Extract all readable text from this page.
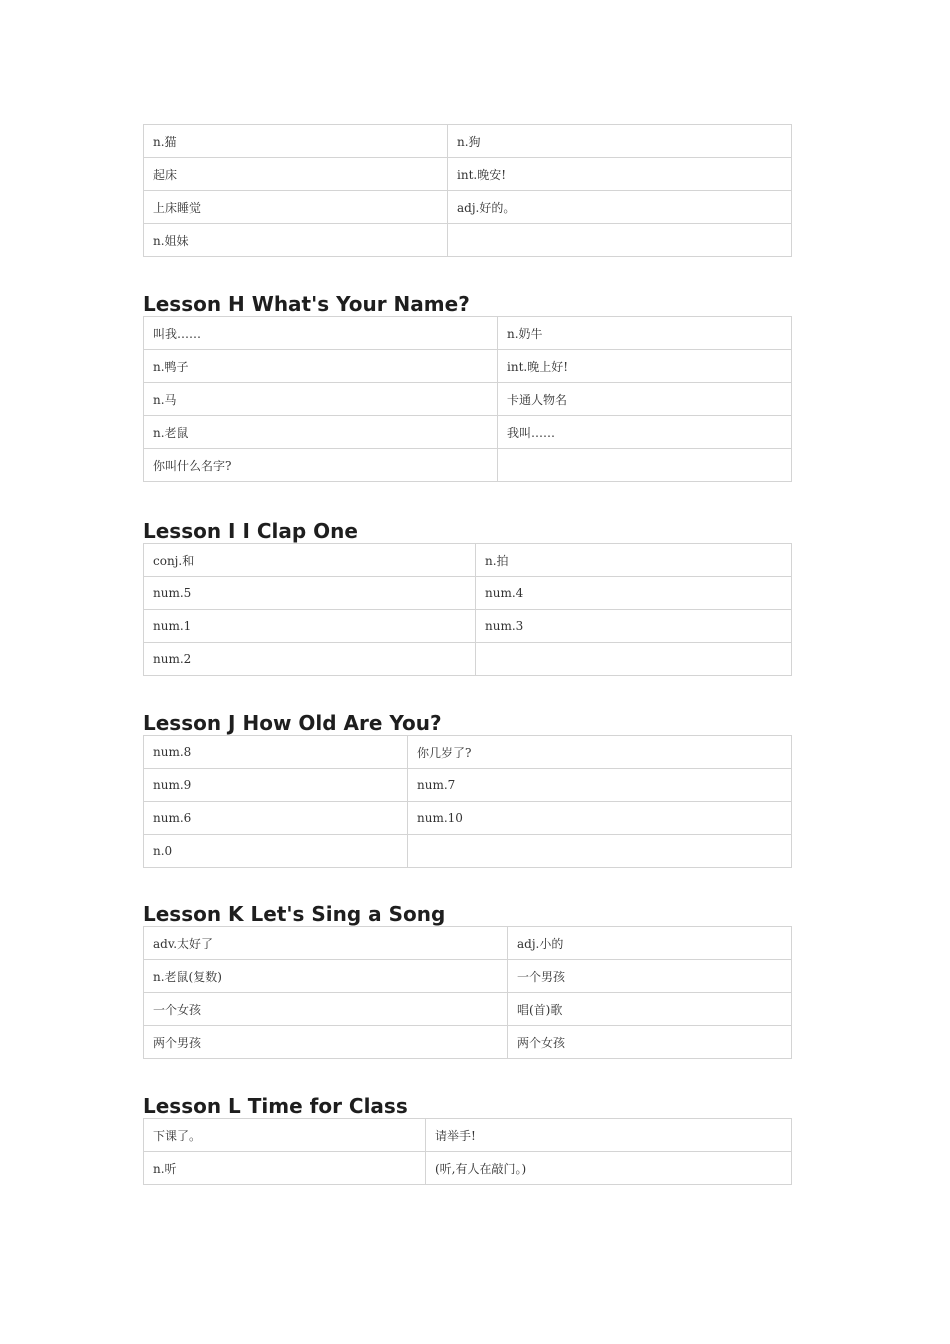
n.猫	n.狗
起床	int.晚安!
上床睡觉	adj.好的。
n.姐妹	
Lesson H What's Your Name?
叫我……	n.奶牛
n.鸭子	int.晚上好!
n.马	卡通人物名
n.老鼠	我叫……
你叫什么名字?	
Lesson I I Clap One
conj.和	n.拍
num.5	num.4
num.1	num.3
num.2	
Lesson J How Old Are You?
num.8	你几岁了?
num.9	num.7
num.6	num.10
n.0	
Lesson K Let's Sing a Song
adv.太好了	adj.小的
n.老鼠(复数)	一个男孩
一个女孩	唱(首)歌
两个男孩	两个女孩
Lesson L Time for Class
下课了。	请举手!
n.听	(听,有人在敲门。)
